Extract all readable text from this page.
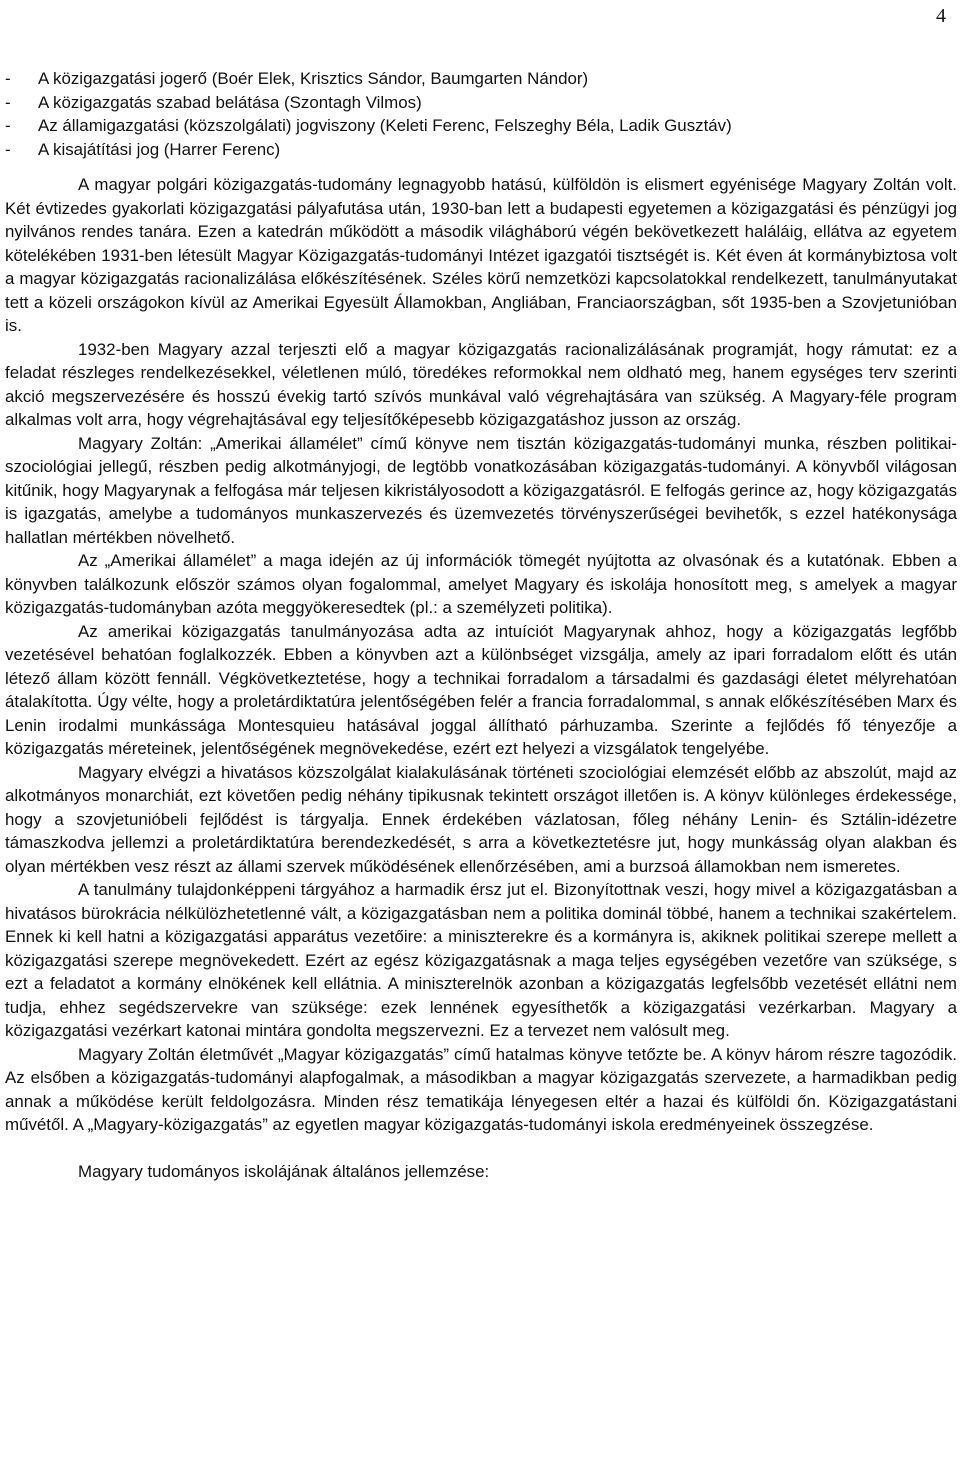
4
- A közigazgatási jogerő (Boér Elek, Krisztics Sándor, Baumgarten Nándor)
- A közigazgatás szabad belátása (Szontagh Vilmos)
- Az államigazgatási (közszolgálati) jogviszony (Keleti Ferenc, Felszeghy Béla, Ladik Gusztáv)
- A kisajátítási jog (Harrer Ferenc)

A magyar polgári közigazgatás-tudomány legnagyobb hatású, külföldön is elismert egyénisége Magyary Zoltán volt. Két évtizedes gyakorlati közigazgatási pályafutása után, 1930-ban lett a budapesti egyetemen a közigazgatási és pénzügyi jog nyilvános rendes tanára. Ezen a katedrán működött a második világháború végén bekövetkezett haláláig, ellátva az egyetem kötelékében 1931-ben létesült Magyar Közigazgatás-tudományi Intézet igazgatói tisztségét is. Két éven át kormánybiztosa volt a magyar közigazgatás racionalizálása előkészítésének. Széles körű nemzetközi kapcsolatokkal rendelkezett, tanulmányutakat tett a közeli országokon kívül az Amerikai Egyesült Államokban, Angliában, Franciaországban, sőt 1935-ben a Szovjetunióban is.

1932-ben Magyary azzal terjeszti elő a magyar közigazgatás racionalizálásának programját, hogy rámutat: ez a feladat részleges rendelkezésekkel, véletlenen múló, töredékes reformokkal nem oldható meg, hanem egységes terv szerinti akció megszervezésére és hosszú évekig tartó szívós munkával való végrehajtására van szükség. A Magyary-féle program alkalmas volt arra, hogy végrehajtásával egy teljesítőképesebb közigazgatáshoz jusson az ország.

Magyary Zoltán: „Amerikai államélet” című könyve nem tisztán közigazgatás-tudományi munka, részben politikai-szociológiai jellegű, részben pedig alkotmányjogi, de legtöbb vonatkozásában közigazgatás-tudományi. A könyvből világosan kitűnik, hogy Magyarynak a felfogása már teljesen kikristályosodott a közigazgatásról. E felfogás gerince az, hogy közigazgatás is igazgatás, amelybe a tudományos munkaszervezés és üzemvezetés törvényszerűségei bevihetők, s ezzel hatékonysága hallatlan mértékben növelhető.

Az „Amerikai államélet” a maga idején az új információk tömegét nyújtotta az olvasónak és a kutatónak. Ebben a könyvben találkozunk először számos olyan fogalommal, amelyet Magyary és iskolája honosított meg, s amelyek a magyar közigazgatás-tudományban azóta meggyökeresedtek (pl.: a személyzeti politika).

Az amerikai közigazgatás tanulmányozása adta az intuíciót Magyarynak ahhoz, hogy a közigazgatás legfőbb vezetésével behatóan foglalkozzék. Ebben a könyvben azt a különbséget vizsgálja, amely az ipari forradalom előtt és után létező állam között fennáll. Végkövetkeztetése, hogy a technikai forradalom a társadalmi és gazdasági életet mélyrehatóan átalakította. Úgy vélte, hogy a proletárdiktatúra jelentőségében felér a francia forradalommal, s annak előkészítésében Marx és Lenin irodalmi munkássága Montesquieu hatásával joggal állítható párhuzamba. Szerinte a fejlődés fő tényezője a közigazgatás méreteinek, jelentőségének megnövekedése, ezért ezt helyezi a vizsgálatok tengelyébe.

Magyary elvégzi a hivatásos közszolgálat kialakulásának történeti szociológiai elemzését előbb az abszolút, majd az alkotmányos monarchiát, ezt követően pedig néhány tipikusnak tekintett országot illetően is. A könyv különleges érdekessége, hogy a szovjetunióbeli fejlődést is tárgyalja. Ennek érdekében vázlatosan, főleg néhány Lenin- és Sztálin-idézetre támaszkodva jellemzi a proletárdiktatúra berendezkedését, s arra a következtetésre jut, hogy munkásság olyan alakban és olyan mértékben vesz részt az állami szervek működésének ellenőrzésében, ami a burzsoá államokban nem ismeretes.

A tanulmány tulajdonképpeni tárgyához a harmadik érsz jut el. Bizonyítottnak veszi, hogy mivel a közigazgatásban a hivatásos bürokrácia nélkülözhetetlenné vált, a közigazgatásban nem a politika dominál többé, hanem a technikai szakértelem. Ennek ki kell hatni a közigazgatási apparátus vezetőire: a miniszterekre és a kormányra is, akiknek politikai szerepe mellett a közigazgatási szerepe megnövekedett. Ezért az egész közigazgatásnak a maga teljes egységében vezetőre van szüksége, s ezt a feladatot a kormány elnökének kell ellátnia. A miniszterelnök azonban a közigazgatás legfelsőbb vezetését ellátni nem tudja, ehhez segédszervekre van szüksége: ezek lennének egyesíthetők a közigazgatási vezérkarban. Magyary a közigazgatási vezérkart katonai mintára gondolta megszervezni. Ez a tervezet nem valósult meg.

Magyary Zoltán életművét „Magyar közigazgatás” című hatalmas könyve tetőzte be. A könyv három részre tagozódik. Az elsőben a közigazgatás-tudományi alapfogalmak, a másodikban a magyar közigazgatás szervezete, a harmadikban pedig annak a működése került feldolgozásra. Minden rész tematikája lényegesen eltér a hazai és külföldi őn. Közigazgatástani művétől. A „Magyary-közigazgatás” az egyetlen magyar közigazgatás-tudományi iskola eredményeinek összegzése.

Magyary tudományos iskolájának általános jellemzése:
